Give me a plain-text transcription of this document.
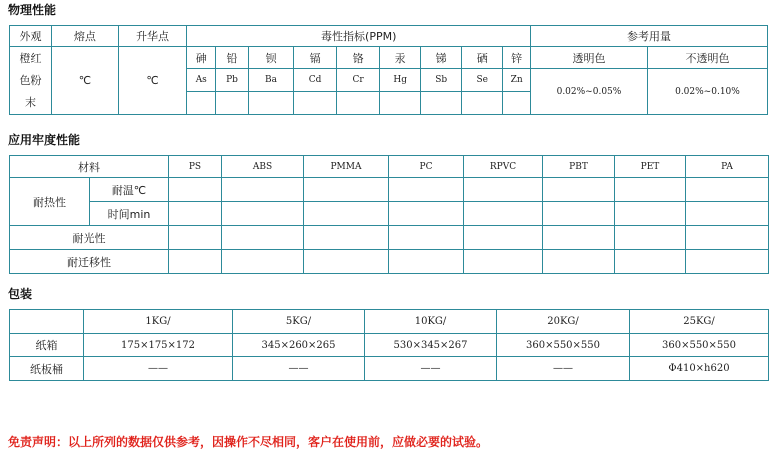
物理性能
外观	熔点	升华点	毒性指标(PPM)									参考用量	
橙红色粉末	℃	℃	砷	铅	钡	镉	铬	汞	锑	硒	锌	透明色	不透明色
			As	Pb	Ba	Cd	Cr	Hg	Sb	Se	Zn	0.02%~0.05%	0.02%~0.10%

应用牢度性能
材料		PS	ABS	PMMA	PC	RPVC	PBT	PET	PA
耐热性	耐温℃								
	时间min								
耐光性									
耐迁移性									
包装
	1KG/	5KG/	10KG/	20KG/	25KG/
纸箱	175×175×172	345×260×265	530×345×267	360×550×550	360×550×550
纸板桶	——	——	——	——	Φ410×h620
免责声明：以上所列的数据仅供参考，因操作不尽相同，客户在使用前，应做必要的试验。
